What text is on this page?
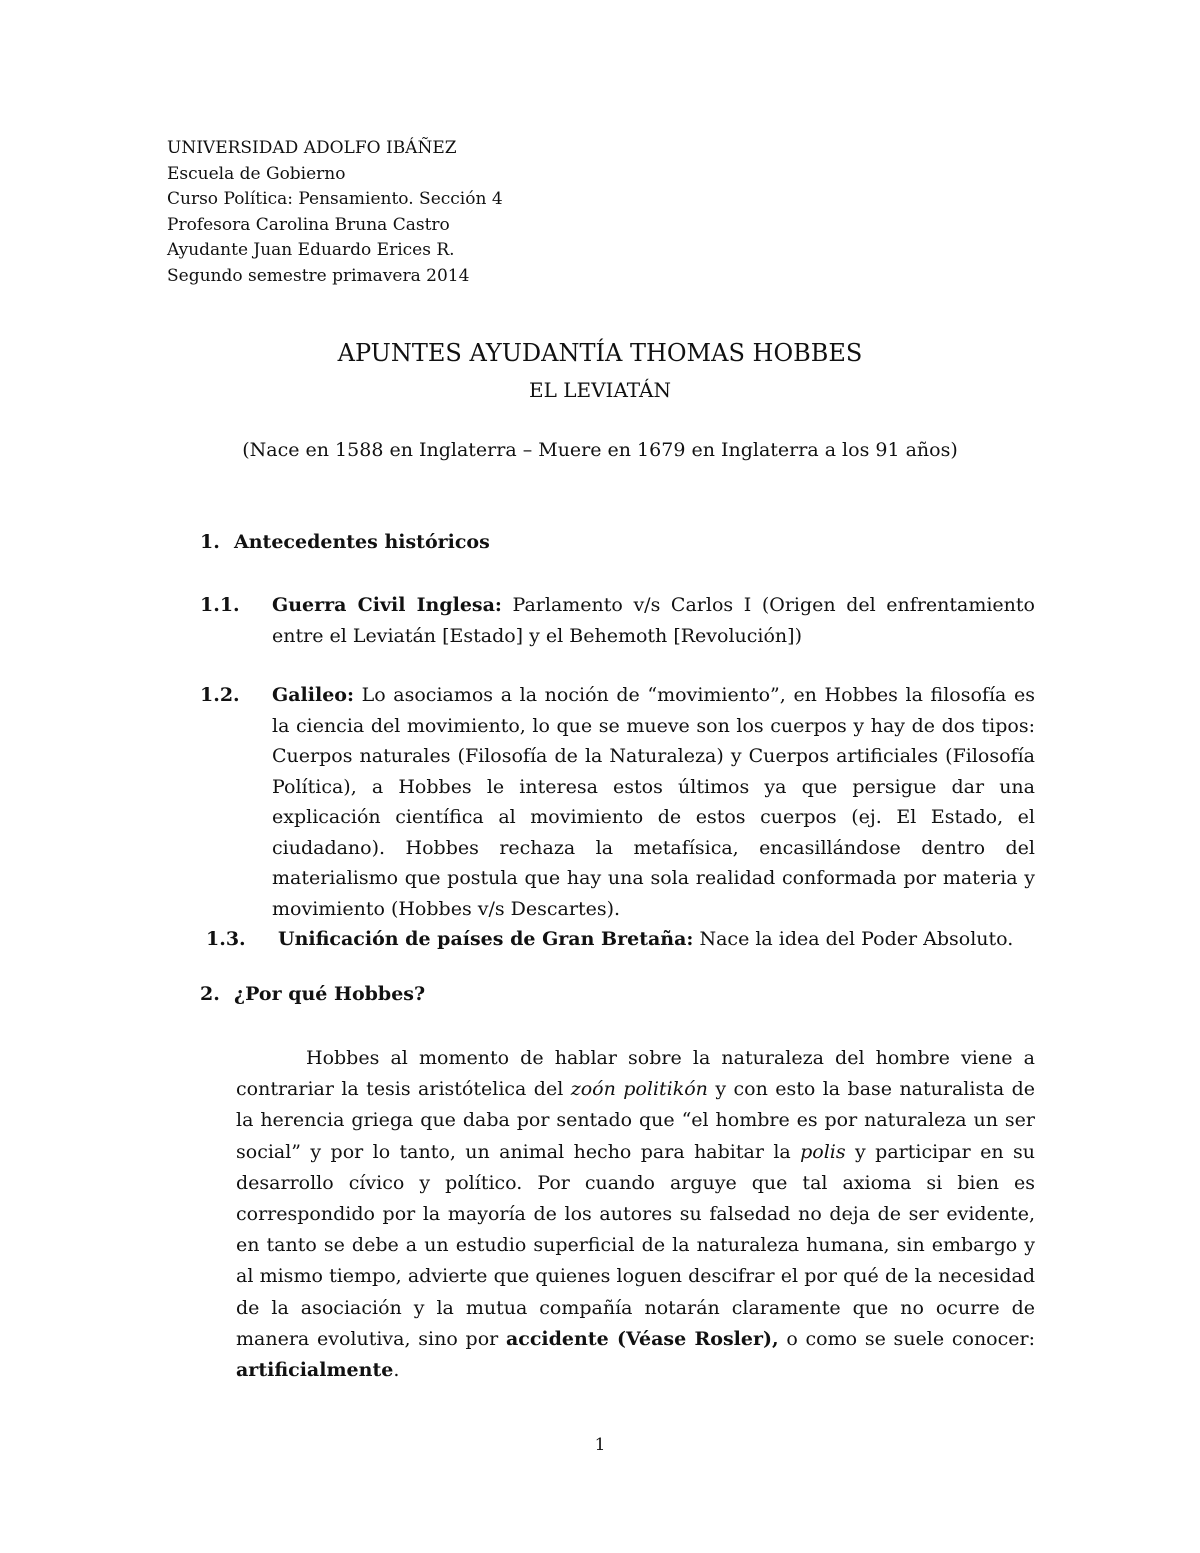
UNIVERSIDAD ADOLFO IBÁÑEZ
Escuela de Gobierno
Curso Política: Pensamiento. Sección 4
Profesora Carolina Bruna Castro
Ayudante Juan Eduardo Erices R.
Segundo semestre primavera 2014
APUNTES AYUDANTÍA THOMAS HOBBES
EL LEVIATÁN
(Nace en 1588 en Inglaterra – Muere en 1679 en Inglaterra a los 91 años)
1. Antecedentes históricos
1.1. Guerra Civil Inglesa: Parlamento v/s Carlos I (Origen del enfrentamiento entre el Leviatán [Estado] y el Behemoth [Revolución])
1.2. Galileo: Lo asociamos a la noción de “movimiento”, en Hobbes la filosofía es la ciencia del movimiento, lo que se mueve son los cuerpos y hay de dos tipos: Cuerpos naturales (Filosofía de la Naturaleza) y Cuerpos artificiales (Filosofía Política), a Hobbes le interesa estos últimos ya que persigue dar una explicación científica al movimiento de estos cuerpos (ej. El Estado, el ciudadano). Hobbes rechaza la metafísica, encasillándose dentro del materialismo que postula que hay una sola realidad conformada por materia y movimiento (Hobbes v/s Descartes).
1.3. Unificación de países de Gran Bretaña: Nace la idea del Poder Absoluto.
2. ¿Por qué Hobbes?
Hobbes al momento de hablar sobre la naturaleza del hombre viene a contrariar la tesis aristótelica del zoón politikón y con esto la base naturalista de la herencia griega que daba por sentado que “el hombre es por naturaleza un ser social” y por lo tanto, un animal hecho para habitar la polis y participar en su desarrollo cívico y político. Por cuando arguye que tal axioma si bien es correspondido por la mayoría de los autores su falsedad no deja de ser evidente, en tanto se debe a un estudio superficial de la naturaleza humana, sin embargo y al mismo tiempo, advierte que quienes loguen descifrar el por qué de la necesidad de la asociación y la mutua compañía notarán claramente que no ocurre de manera evolutiva, sino por accidente (Véase Rosler), o como se suele conocer: artificialmente.
1
